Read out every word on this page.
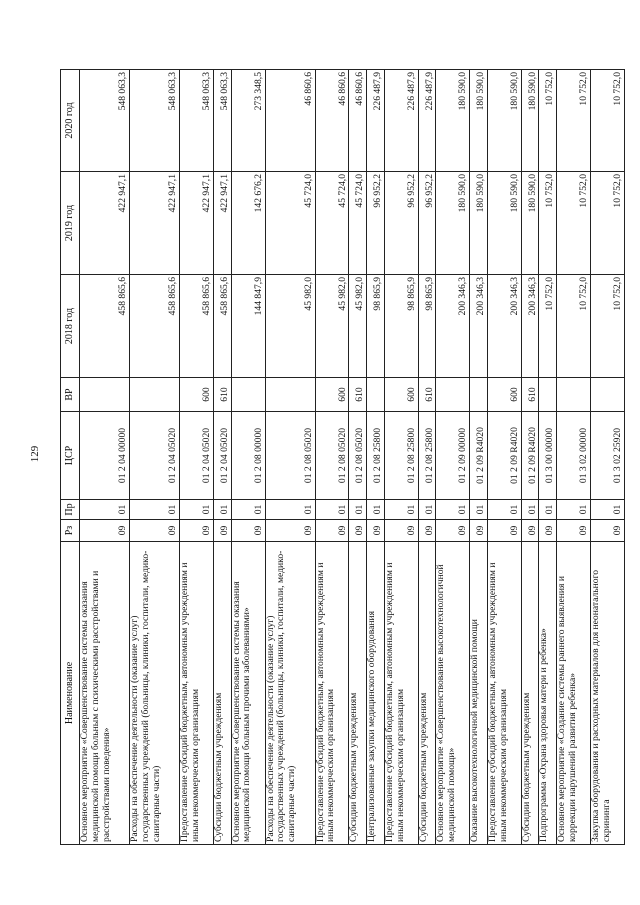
129
Наименование	Рз	Пр	ЦСР	ВР	2018 год	2019 год	2020 год
Основное мероприятие «Совершенствование системы оказания медицинской помощи больным с психическими расстройствами и расстройствами поведения»	09	01	01 2 04 00000		458 865,6	422 947,1	548 063,3
Расходы на обеспечение деятельности (оказание услуг) государственных учреждений (больницы, клиники, госпитали, медико-санитарные части)	09	01	01 2 04 05020		458 865,6	422 947,1	548 063,3
Предоставление субсидий бюджетным, автономным учреждениям и иным некоммерческим организациям	09	01	01 2 04 05020	600	458 865,6	422 947,1	548 063,3
Субсидии бюджетным учреждениям	09	01	01 2 04 05020	610	458 865,6	422 947,1	548 063,3
Основное мероприятие «Совершенствование системы оказания медицинской помощи больным прочими заболеваниями»	09	01	01 2 08 00000		144 847,9	142 676,2	273 348,5
Расходы на обеспечение деятельности (оказание услуг) государственных учреждений (больницы, клиники, госпитали, медико-санитарные части)	09	01	01 2 08 05020		45 982,0	45 724,0	46 860,6
Предоставление субсидий бюджетным, автономным учреждениям и иным некоммерческим организациям	09	01	01 2 08 05020	600	45 982,0	45 724,0	46 860,6
Субсидии бюджетным учреждениям	09	01	01 2 08 05020	610	45 982,0	45 724,0	46 860,6
Централизованные закупки медицинского оборудования	09	01	01 2 08 25800		98 865,9	96 952,2	226 487,9
Предоставление субсидий бюджетным, автономным учреждениям и иным некоммерческим организациям	09	01	01 2 08 25800	600	98 865,9	96 952,2	226 487,9
Субсидии бюджетным учреждениям	09	01	01 2 08 25800	610	98 865,9	96 952,2	226 487,9
Основное мероприятие «Совершенствование высокотехнологичной медицинской помощи»	09	01	01 2 09 00000		200 346,3	180 590,0	180 590,0
Оказание высокотехнологичной медицинской помощи	09	01	01 2 09 R4020		200 346,3	180 590,0	180 590,0
Предоставление субсидий бюджетным, автономным учреждениям и иным некоммерческим организациям	09	01	01 2 09 R4020	600	200 346,3	180 590,0	180 590,0
Субсидии бюджетным учреждениям	09	01	01 2 09 R4020	610	200 346,3	180 590,0	180 590,0
Подпрограмма «Охрана здоровья матери и ребенка»	09	01	01 3 00 00000		10 752,0	10 752,0	10 752,0
Основное мероприятие «Создание системы раннего выявления и коррекции нарушений развития ребенка»	09	01	01 3 02 00000		10 752,0	10 752,0	10 752,0
Закупка оборудования и расходных материалов для неонатального скрининга	09	01	01 3 02 25920		10 752,0	10 752,0	10 752,0
